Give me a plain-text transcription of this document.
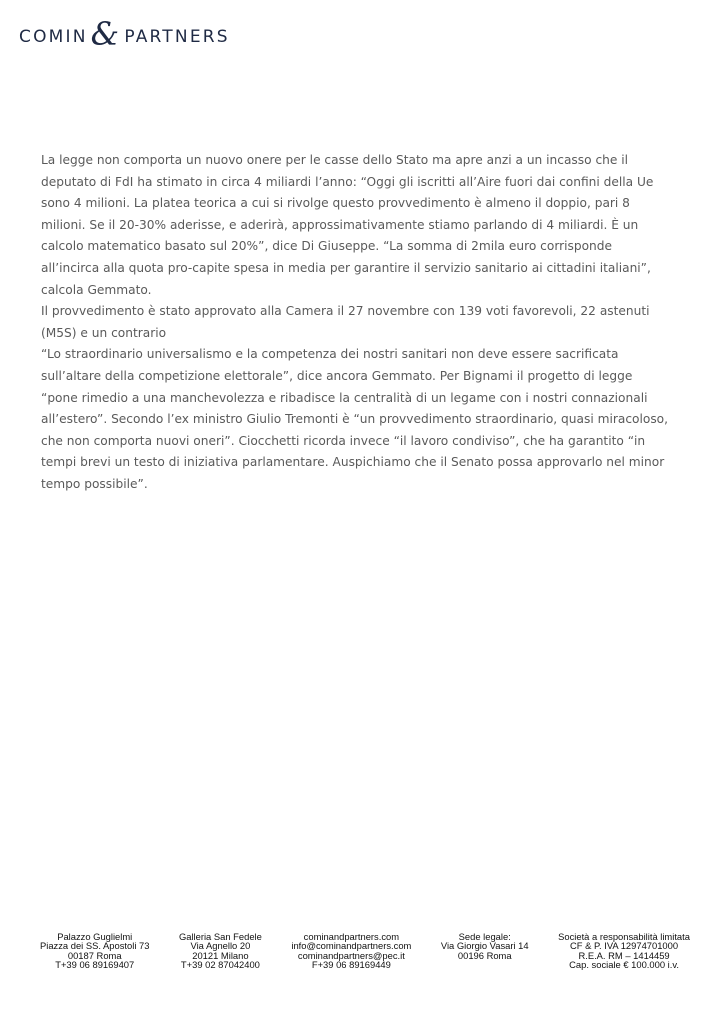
COMIN & PARTNERS

La legge non comporta un nuovo onere per le casse dello Stato ma apre anzi a un incasso che il deputato di FdI ha stimato in circa 4 miliardi l’anno: “Oggi gli iscritti all’Aire fuori dai confini della Ue sono 4 milioni. La platea teorica a cui si rivolge questo provvedimento è almeno il doppio, pari 8 milioni. Se il 20-30% aderisse, e aderirà, approssimativamente stiamo parlando di 4 miliardi. È un calcolo matematico basato sul 20%”, dice Di Giuseppe. “La somma di 2mila euro corrisponde all’incirca alla quota pro-capite spesa in media per garantire il servizio sanitario ai cittadini italiani”, calcola Gemmato.

Il provvedimento è stato approvato alla Camera il 27 novembre con 139 voti favorevoli, 22 astenuti (M5S) e un contrario

“Lo straordinario universalismo e la competenza dei nostri sanitari non deve essere sacrificata sull’altare della competizione elettorale”, dice ancora Gemmato. Per Bignami il progetto di legge “pone rimedio a una manchevolezza e ribadisce la centralità di un legame con i nostri connazionali all’estero”. Secondo l’ex ministro Giulio Tremonti è “un provvedimento straordinario, quasi miracoloso, che non comporta nuovi oneri”. Ciocchetti ricorda invece “il lavoro condiviso”, che ha garantito “in tempi brevi un testo di iniziativa parlamentare. Auspichiamo che il Senato possa approvarlo nel minor tempo possibile”.

Palazzo Guglielmi
Piazza dei SS. Apostoli 73
00187 Roma
T+39 06 89169407
Galleria San Fedele
Via Agnello 20
20121 Milano
T+39 02 87042400
cominandpartners.com
info@cominandpartners.com
cominandpartners@pec.it
F+39 06 89169449
Sede legale:
Via Giorgio Vasari 14
00196 Roma
Società a responsabilità limitata
CF & P. IVA 12974701000
R.E.A. RM – 1414459
Cap. sociale € 100.000 i.v.
